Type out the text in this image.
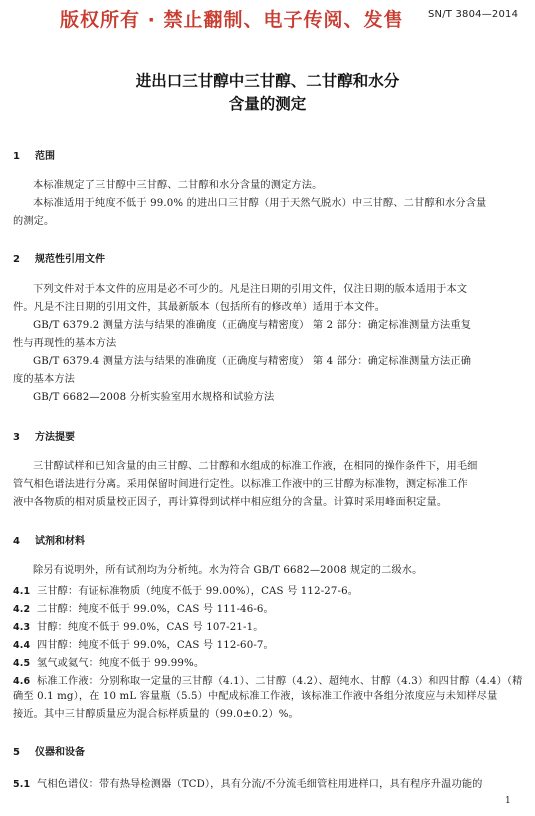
版权所有 · 禁止翻制、电子传阅、发售 SN/T 3804—2014
进出口三甘醇中三甘醇、二甘醇和水分
含量的测定
1 范围
本标准规定了三甘醇中三甘醇、二甘醇和水分含量的测定方法。
本标准适用于纯度不低于 99.0% 的进出口三甘醇（用于天然气脱水）中三甘醇、二甘醇和水分含量
的测定。
2 规范性引用文件
下列文件对于本文件的应用是必不可少的。凡是注日期的引用文件，仅注日期的版本适用于本文
件。凡是不注日期的引用文件，其最新版本（包括所有的修改单）适用于本文件。
GB/T 6379.2 测量方法与结果的准确度（正确度与精密度） 第 2 部分：确定标准测量方法重复
性与再现性的基本方法
GB/T 6379.4 测量方法与结果的准确度（正确度与精密度） 第 4 部分：确定标准测量方法正确
度的基本方法
GB/T 6682—2008 分析实验室用水规格和试验方法
3 方法提要
三甘醇试样和已知含量的由三甘醇、二甘醇和水组成的标准工作液，在相同的操作条件下，用毛细
管气相色谱法进行分离。采用保留时间进行定性。以标准工作液中的三甘醇为标准物，测定标准工作
液中各物质的相对质量校正因子，再计算得到试样中相应组分的含量。计算时采用峰面积定量。
4 试剂和材料
除另有说明外，所有试剂均为分析纯。水为符合 GB/T 6682—2008 规定的二级水。
4.1 三甘醇：有证标准物质（纯度不低于 99.00%），CAS 号 112-27-6。
4.2 二甘醇：纯度不低于 99.0%，CAS 号 111-46-6。
4.3 甘醇：纯度不低于 99.0%，CAS 号 107-21-1。
4.4 四甘醇：纯度不低于 99.0%，CAS 号 112-60-7。
4.5 氢气或氦气：纯度不低于 99.99%。
4.6 标准工作液：分别称取一定量的三甘醇（4.1）、二甘醇（4.2）、超纯水、甘醇（4.3）和四甘醇（4.4）（精
确至 0.1 mg），在 10 mL 容量瓶（5.5）中配成标准工作液，该标准工作液中各组分浓度应与未知样尽量
接近。其中三甘醇质量应为混合标样质量的（99.0±0.2）%。
5 仪器和设备
5.1 气相色谱仪：带有热导检测器（TCD），具有分流/不分流毛细管柱用进样口，具有程序升温功能的
1
